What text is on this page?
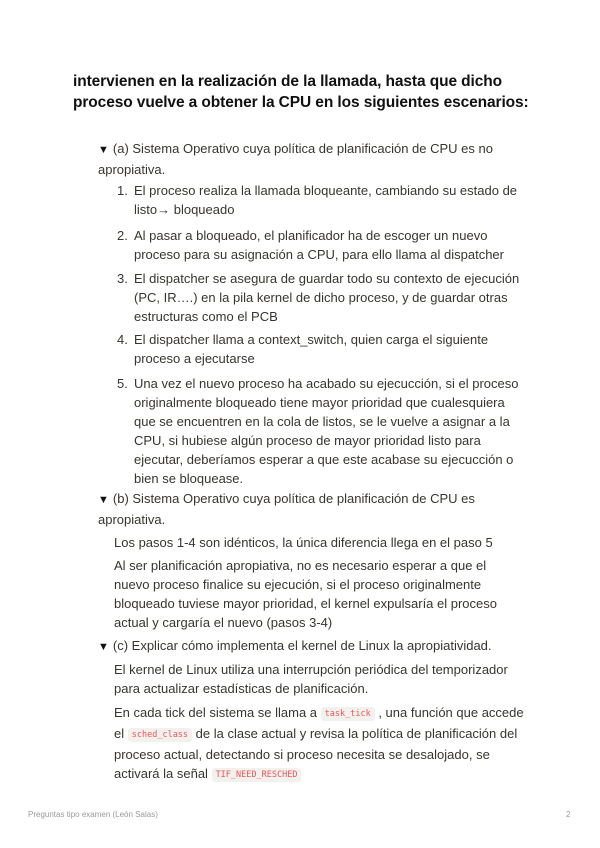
intervienen en la realización de la llamada, hasta que dicho proceso vuelve a obtener la CPU en los siguientes escenarios:
▼ (a) Sistema Operativo cuya política de planificación de CPU es no apropiativa.
1. El proceso realiza la llamada bloqueante, cambiando su estado de listo→ bloqueado
2. Al pasar a bloqueado, el planificador ha de escoger un nuevo proceso para su asignación a CPU, para ello llama al dispatcher
3. El dispatcher se asegura de guardar todo su contexto de ejecución (PC, IR….) en la pila kernel de dicho proceso, y de guardar otras estructuras como el PCB
4. El dispatcher llama a context_switch, quien carga el siguiente proceso a ejecutarse
5. Una vez el nuevo proceso ha acabado su ejecucción, si el proceso originalmente bloqueado tiene mayor prioridad que cualesquiera que se encuentren en la cola de listos, se le vuelve a asignar a la CPU, si hubiese algún proceso de mayor prioridad listo para ejecutar, deberíamos esperar a que este acabase su ejecucción o bien se bloquease.
▼ (b) Sistema Operativo cuya política de planificación de CPU es apropiativa.
Los pasos 1-4 son idénticos, la única diferencia llega en el paso 5
Al ser planificación apropiativa, no es necesario esperar a que el nuevo proceso finalice su ejecución, si el proceso originalmente bloqueado tuviese mayor prioridad, el kernel expulsaría el proceso actual y cargaría el nuevo (pasos 3-4)
▼ (c) Explicar cómo implementa el kernel de Linux la apropiatividad.
El kernel de Linux utiliza una interrupción periódica del temporizador para actualizar estadísticas de planificación.
En cada tick del sistema se llama a task_tick , una función que accede el sched_class de la clase actual y revisa la política de planificación del proceso actual, detectando si proceso necesita se desalojado, se activará la señal TIF_NEED_RESCHED
Preguntas tipo examen (León Salas)	2
